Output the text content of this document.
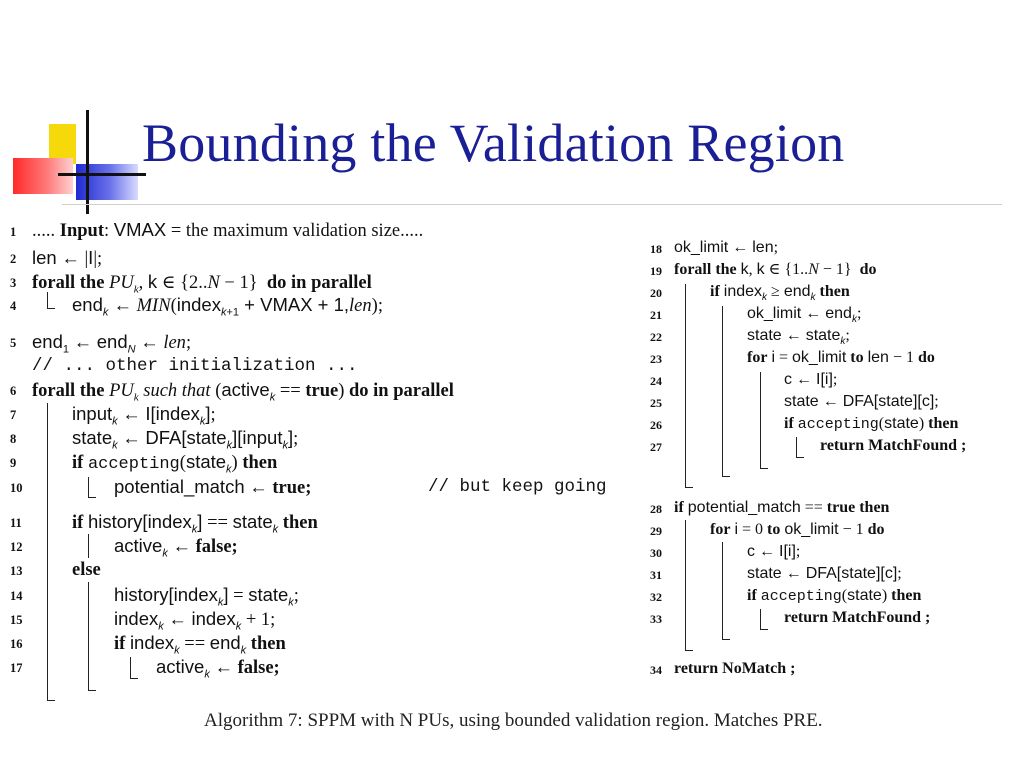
Bounding the Validation Region
1 ..... Input: VMAX = the maximum validation size.....
2 len ← |I|;
3 forall the $PU_k$, k ∈ {2..N − 1}  do in parallel
4	end$_k$ ← MIN(index$_{k+1}$ + VMAX + 1,len);
5 end$_1$ ← end$_N$ ← len;
// ... other initialization ...
6 forall the $PU_k$ such that (active$_k$ == true) do in parallel
7	input$_k$ ← I[index$_k$];
8	state$_k$ ← DFA[state$_k$][input$_k$];
9	if accepting(state$_k$) then
10	potential_match ← true;	// but keep going
11	if history[index$_k$] == state$_k$ then
12	active$_k$ ← false;
13	else
14	history[index$_k$] = state$_k$;
15	index$_k$ ← index$_k$ + 1;
16	if index$_k$ == end$_k$ then
17	active$_k$ ← false;
18 ok_limit ← len;
19 forall the k, k ∈ {1..N − 1}  do
20	if index$_k$ ≥ end$_k$ then
21	ok_limit ← end$_k$;
22	state ← state$_k$;
23	for i = ok_limit to len − 1 do
24	c ← I[i];
25	state ← DFA[state][c];
26	if accepting(state) then
27	return MatchFound ;
28 if potential_match == true then
29	for i = 0 to ok_limit − 1 do
30	c ← I[i];
31	state ← DFA[state][c];
32	if accepting(state) then
33	return MatchFound ;
34 return NoMatch ;

Algorithm 7: SPPM with N PUs, using bounded validation region. Matches PRE.
